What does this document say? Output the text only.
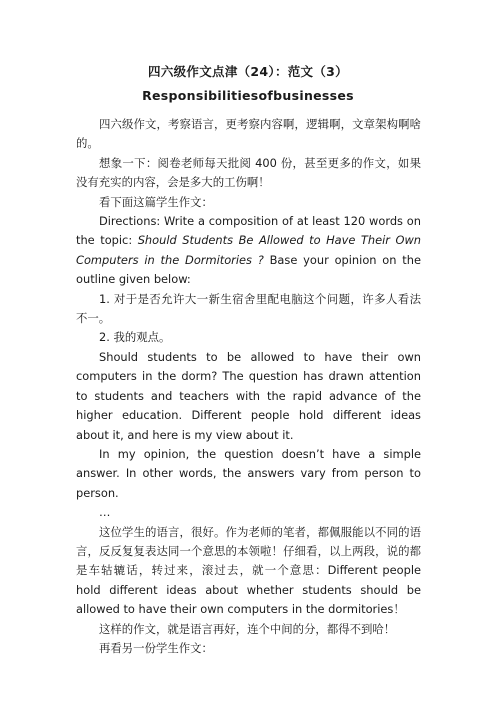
四六级作文点津（24）：范文（3）
Responsibilitiesofbusinesses

四六级作文，考察语言，更考察内容啊，逻辑啊，文章架构啊啥的。

想象一下：阅卷老师每天批阅 400 份，甚至更多的作文，如果没有充实的内容，会是多大的工伤啊！

看下面这篇学生作文：

Directions: Write a composition of at least 120 words on the topic: Should Students Be Allowed to Have Their Own Computers in the Dormitories ? Base your opinion on the outline given below:

1. 对于是否允许大一新生宿舍里配电脑这个问题，许多人看法不一。

2. 我的观点。

Should students to be allowed to have their own computers in the dorm? The question has drawn attention to students and teachers with the rapid advance of the higher education. Different people hold different ideas about it, and here is my view about it.

In my opinion, the question doesn’t have a simple answer. In other words, the answers vary from person to person.

…

这位学生的语言，很好。作为老师的笔者，都佩服能以不同的语言，反反复复表达同一个意思的本领啦！仔细看，以上两段，说的都是车轱辘话，转过来，滚过去，就一个意思：Different people hold different ideas about whether students should be allowed to have their own computers in the dormitories！

这样的作文，就是语言再好，连个中间的分，都得不到哈！

再看另一份学生作文：
